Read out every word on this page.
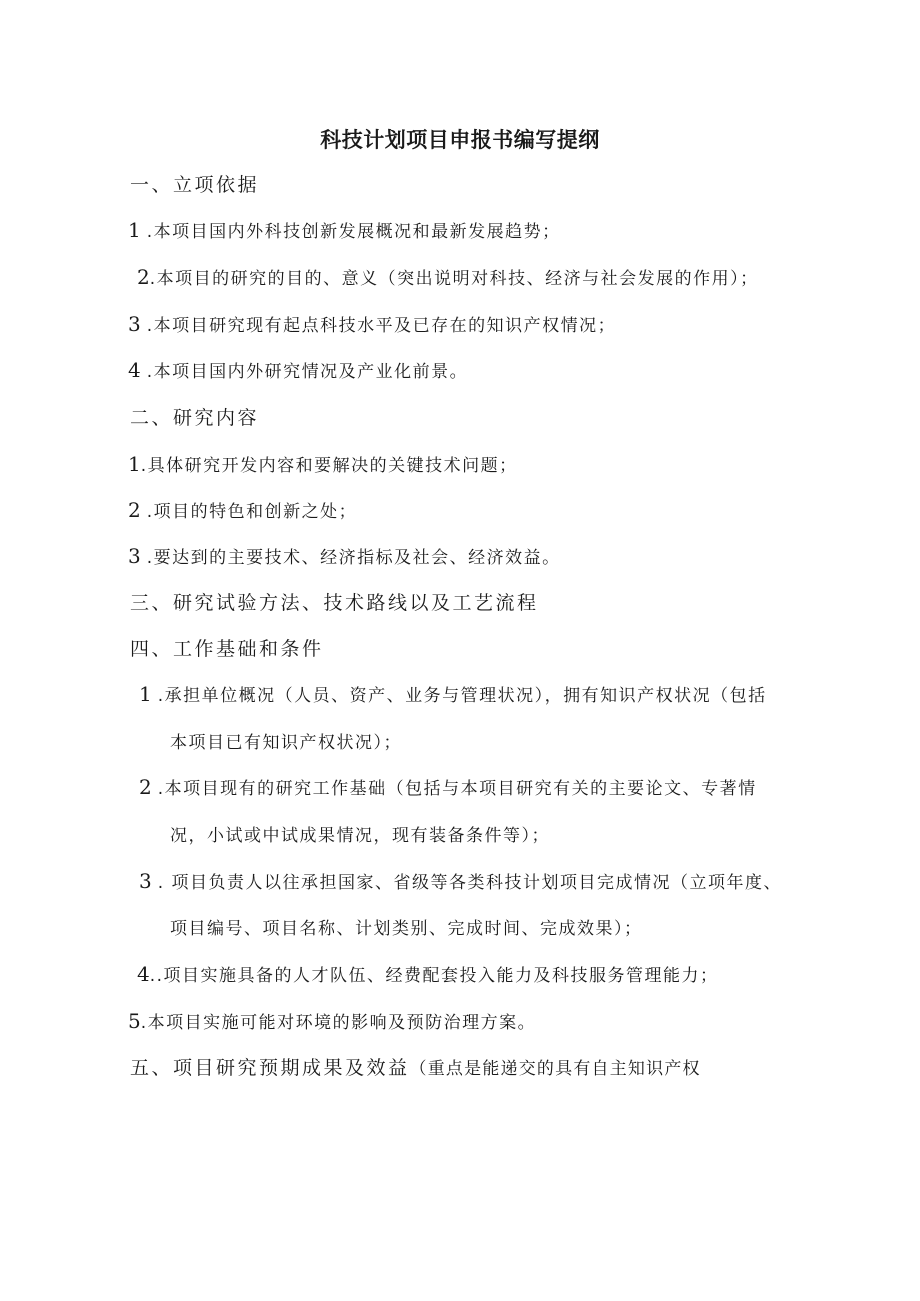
科技计划项目申报书编写提纲
一、立项依据
1 .本项目国内外科技创新发展概况和最新发展趋势；
2.本项目的研究的目的、意义（突出说明对科技、经济与社会发展的作用）；
3 .本项目研究现有起点科技水平及已存在的知识产权情况；
4 .本项目国内外研究情况及产业化前景。
二、研究内容
1.具体研究开发内容和要解决的关键技术问题；
2 .项目的特色和创新之处；
3 .要达到的主要技术、经济指标及社会、经济效益。
三、研究试验方法、技术路线以及工艺流程
四、工作基础和条件
1 .承担单位概况（人员、资产、业务与管理状况），拥有知识产权状况（包括
本项目已有知识产权状况）；
2 .本项目现有的研究工作基础（包括与本项目研究有关的主要论文、专著情
况，小试或中试成果情况，现有装备条件等）；
3 . 项目负责人以往承担国家、省级等各类科技计划项目完成情况（立项年度、
项目编号、项目名称、计划类别、完成时间、完成效果）；
4..项目实施具备的人才队伍、经费配套投入能力及科技服务管理能力；
5.本项目实施可能对环境的影响及预防治理方案。
五、项目研究预期成果及效益（重点是能递交的具有自主知识产权
